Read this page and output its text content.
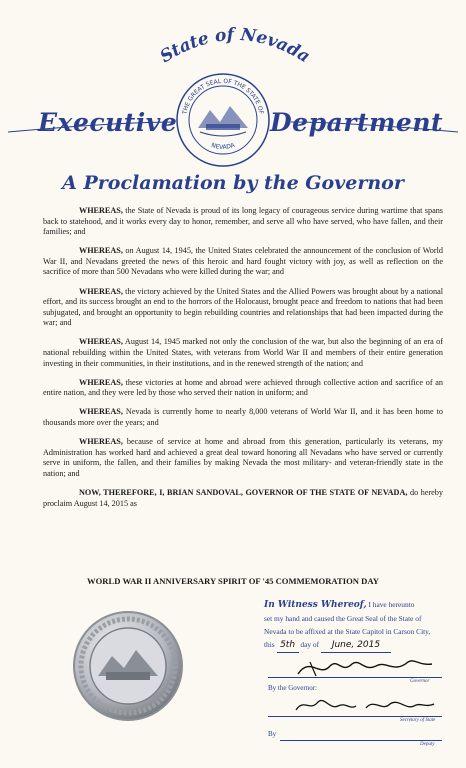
State of Nevada
THE GREAT SEAL OF THE STATE OF
NEVADA
Executive	Department
A Proclamation by the Governor

WHEREAS, the State of Nevada is proud of its long legacy of courageous service during wartime that spans back to statehood, and it works every day to honor, remember, and serve all who have served, who have fallen, and their families; and

WHEREAS, on August 14, 1945, the United States celebrated the announcement of the conclusion of World War II, and Nevadans greeted the news of this heroic and hard fought victory with joy, as well as reflection on the sacrifice of more than 500 Nevadans who were killed during the war; and

WHEREAS, the victory achieved by the United States and the Allied Powers was brought about by a national effort, and its success brought an end to the horrors of the Holocaust, brought peace and freedom to nations that had been subjugated, and brought an opportunity to begin rebuilding countries and relationships that had been impacted during the war; and

WHEREAS, August 14, 1945 marked not only the conclusion of the war, but also the beginning of an era of national rebuilding within the United States, with veterans from World War II and members of their entire generation investing in their communities, in their institutions, and in the renewed strength of the nation; and

WHEREAS, these victories at home and abroad were achieved through collective action and sacrifice of an entire nation, and they were led by those who served their nation in uniform; and

WHEREAS, Nevada is currently home to nearly 8,000 veterans of World War II, and it has been home to thousands more over the years; and

WHEREAS, because of service at home and abroad from this generation, particularly its veterans, my Administration has worked hard and achieved a great deal toward honoring all Nevadans who have served or currently serve in uniform, the fallen, and their families by making Nevada the most military- and veteran-friendly state in the nation; and

NOW, THEREFORE, I, BRIAN SANDOVAL, GOVERNOR OF THE STATE OF NEVADA, do hereby proclaim August 14, 2015 as

WORLD WAR II ANNIVERSARY SPIRIT OF '45 COMMEMORATION DAY
In Witness Whereof, I have hereunto
set my hand and caused the Great Seal of the State of
Nevada to be affixed at the State Capitol in Carson City,
this 5th day of June, 2015
Governor
By the Governor:
Secretary of State
By
Deputy
